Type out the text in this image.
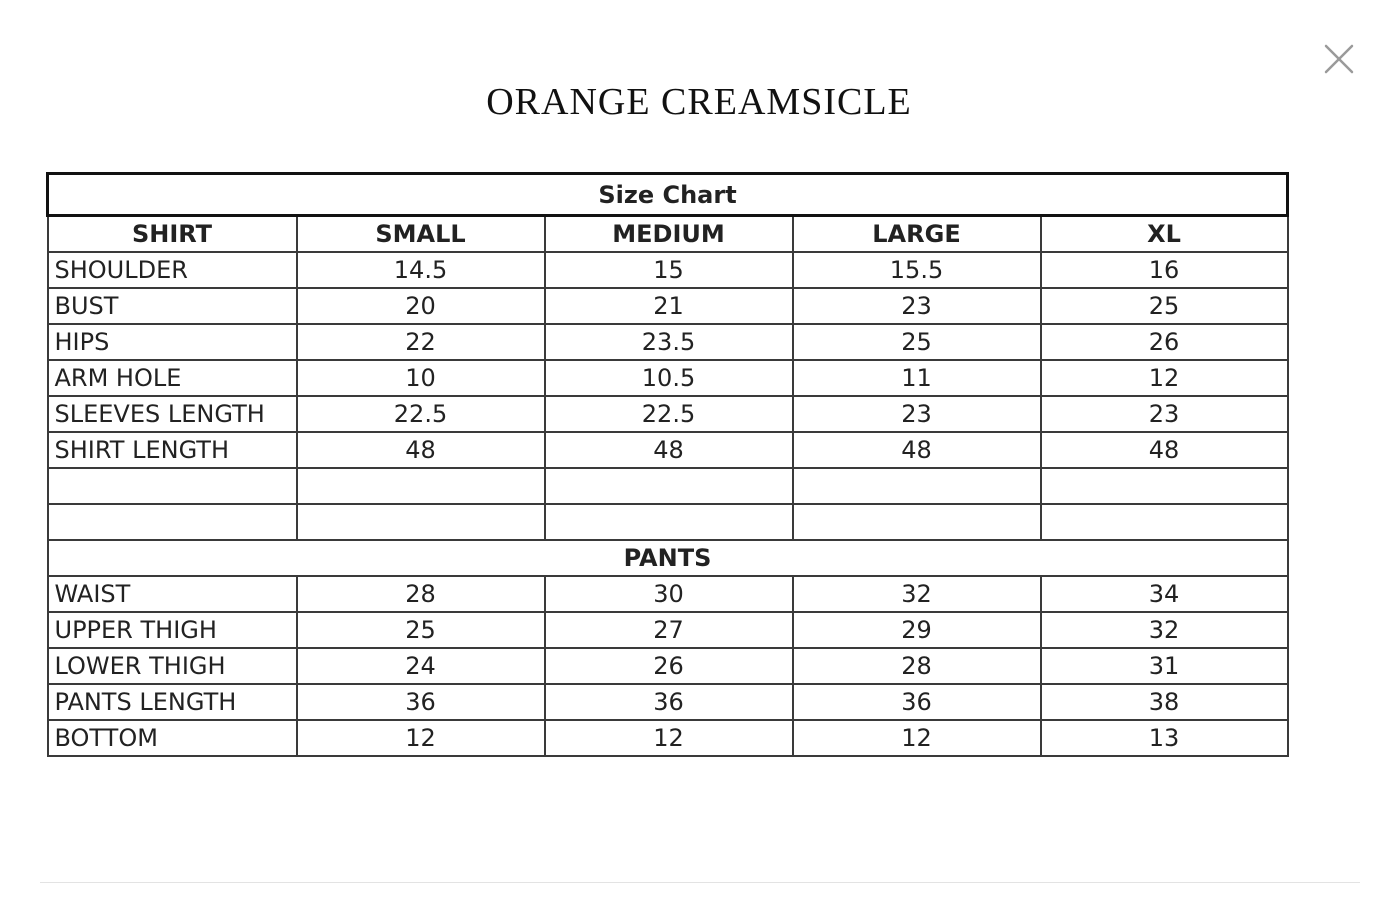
ORANGE CREAMSICLE
Size Chart				
SHIRT	SMALL	MEDIUM	LARGE	XL
SHOULDER	14.5	15	15.5	16
BUST	20	21	23	25
HIPS	22	23.5	25	26
ARM HOLE	10	10.5	11	12
SLEEVES LENGTH	22.5	22.5	23	23
SHIRT LENGTH	48	48	48	48

PANTS				
WAIST	28	30	32	34
UPPER THIGH	25	27	29	32
LOWER THIGH	24	26	28	31
PANTS LENGTH	36	36	36	38
BOTTOM	12	12	12	13
